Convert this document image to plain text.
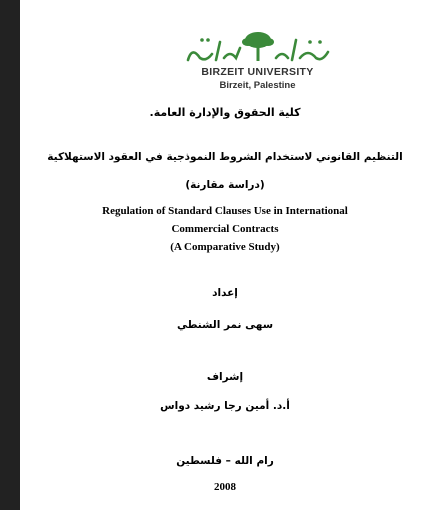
BIRZEIT UNIVERSITY
Birzeit, Palestine
كلية الحقوق والإدارة العامة.
التنظيم القانوني لاستخدام الشروط النموذجية في العقود الاستهلاكية
(دراسة مقارنة)
Regulation of Standard Clauses Use in International
Commercial Contracts
(A Comparative Study)
إعداد
سهى نمر الشنطي
إشراف
أ.د. أمين رجا رشيد دواس
رام الله – فلسطين
2008
